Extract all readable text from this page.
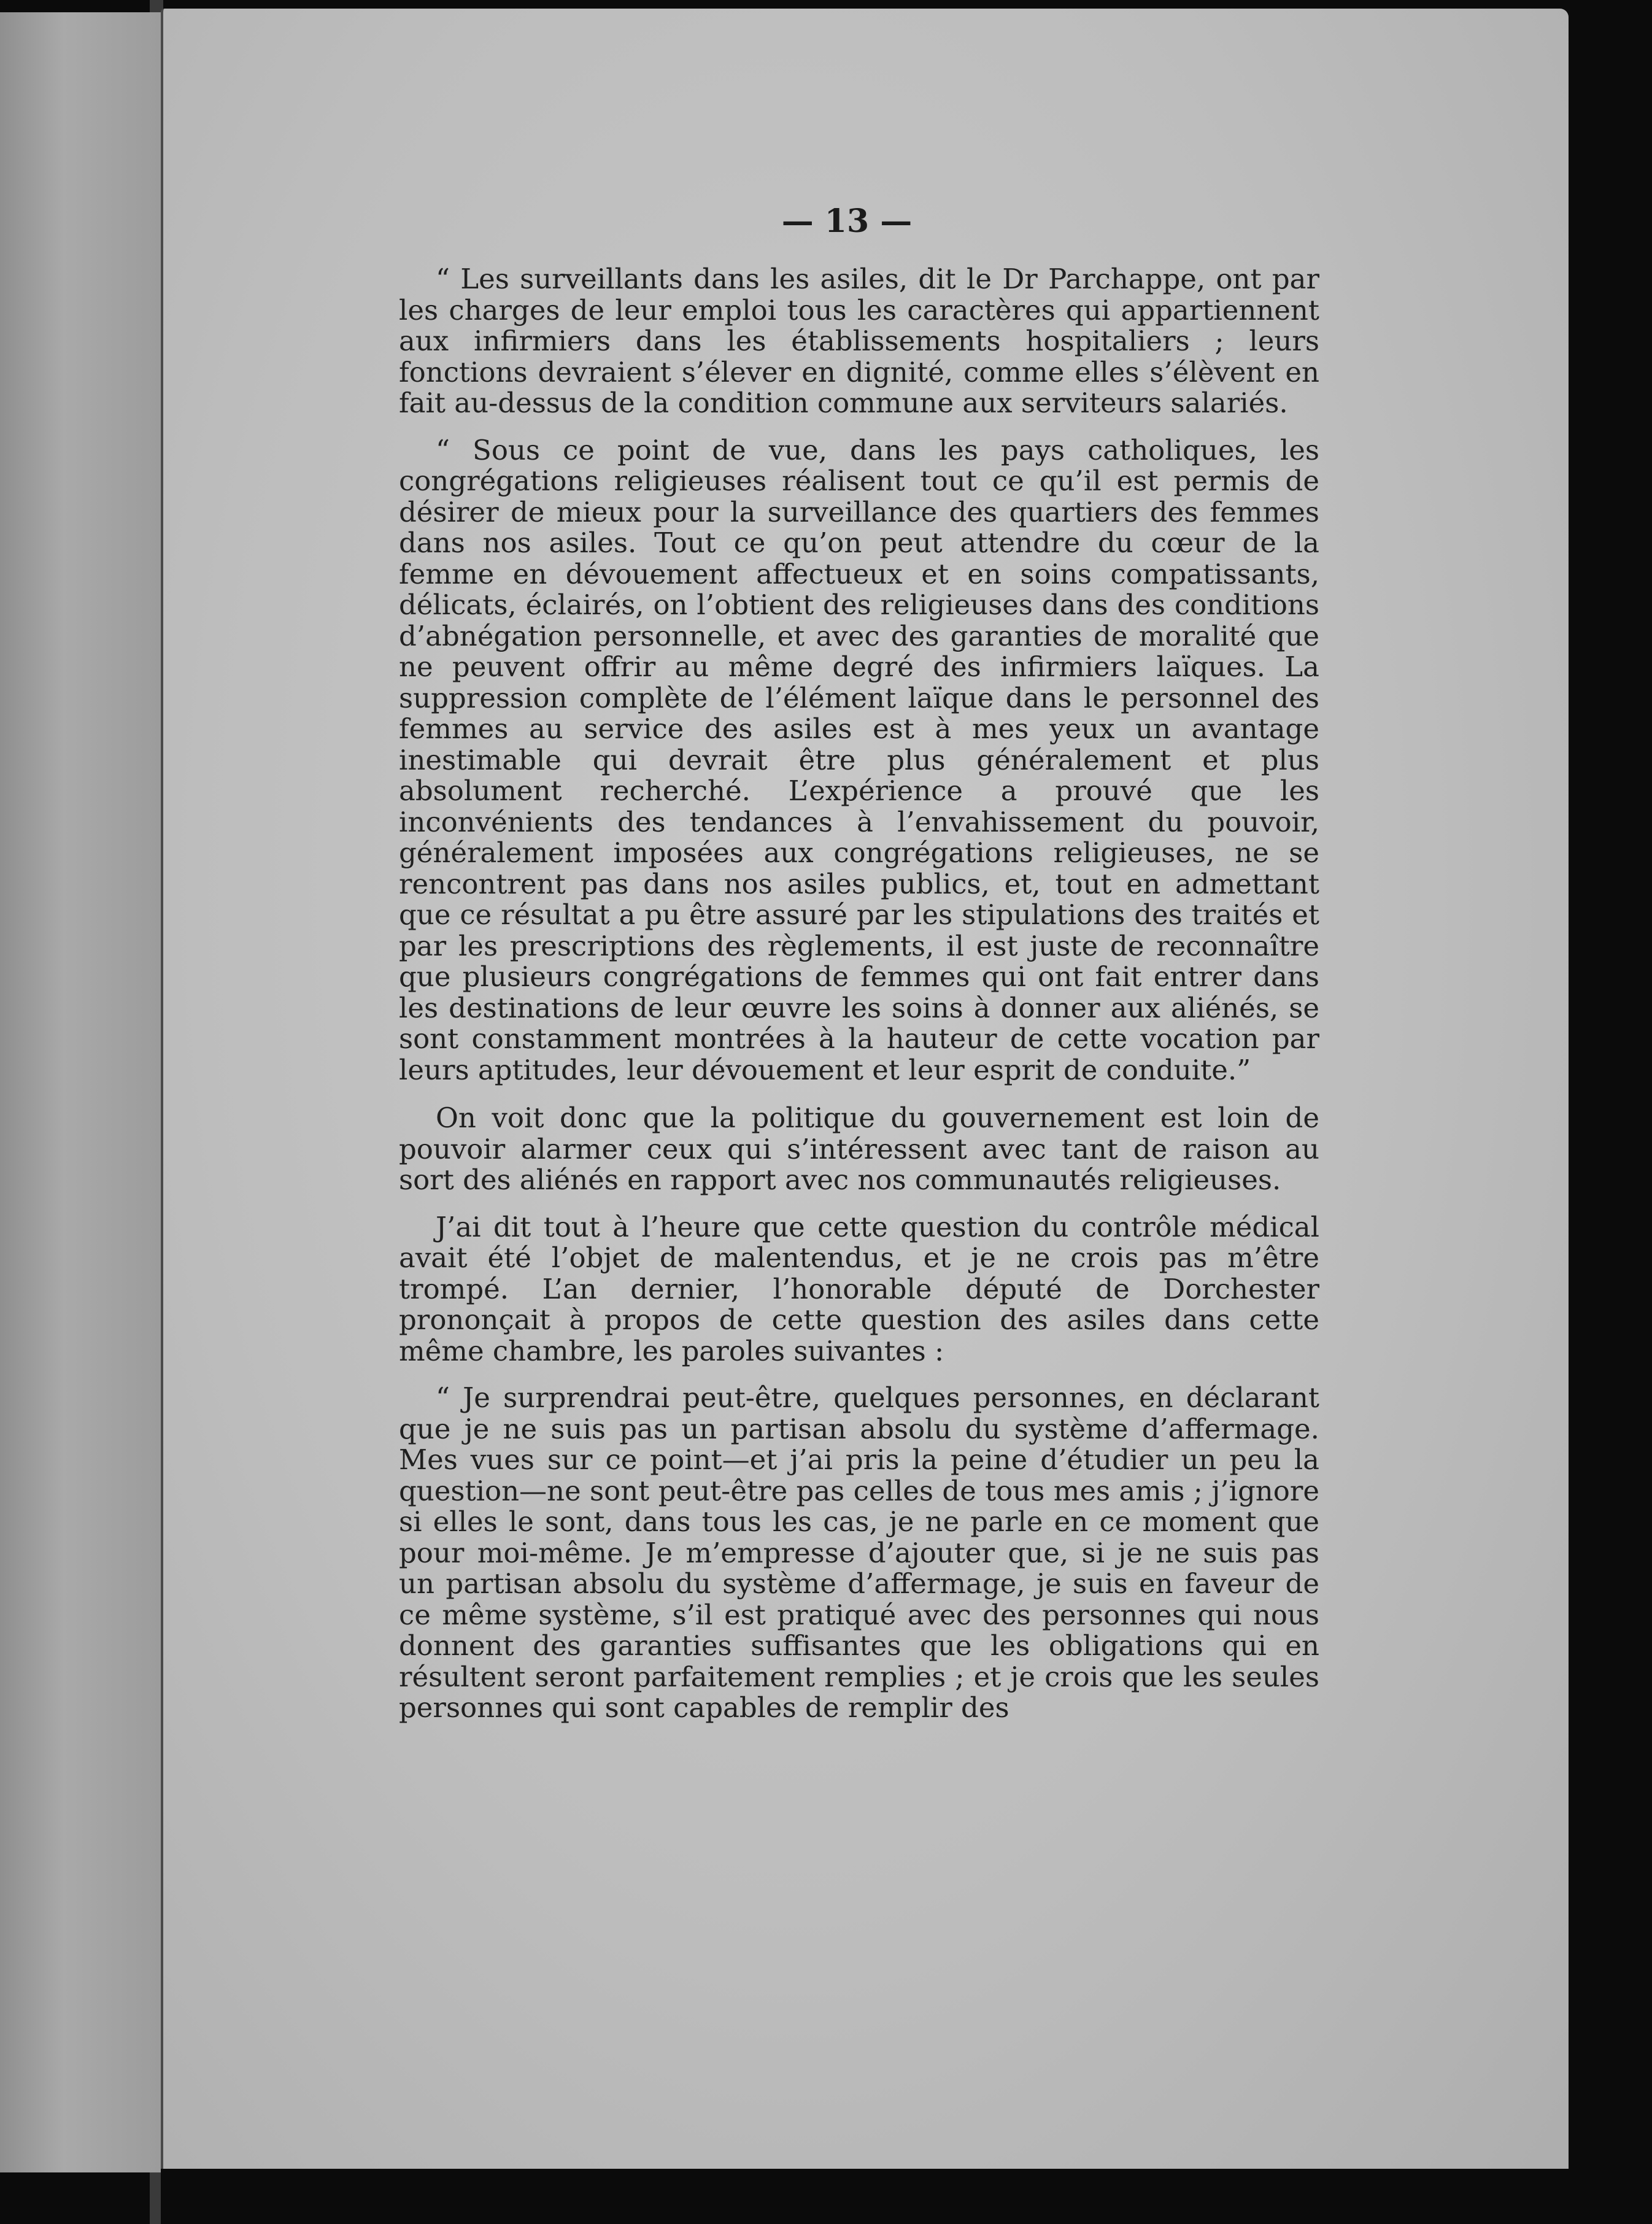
— 13 —

“ Les surveillants dans les asiles, dit le Dr Parchappe, ont par les charges de leur emploi tous les caractères qui appartiennent aux infirmiers dans les établissements hospitaliers ; leurs fonctions devraient s’élever en dignité, comme elles s’élèvent en fait au-dessus de la condition commune aux serviteurs salariés.

“ Sous ce point de vue, dans les pays catholiques, les congrégations religieuses réalisent tout ce qu’il est permis de désirer de mieux pour la surveillance des quartiers des femmes dans nos asiles. Tout ce qu’on peut attendre du cœur de la femme en dévouement affectueux et en soins compatissants, délicats, éclairés, on l’obtient des religieuses dans des conditions d’abnégation personnelle, et avec des garanties de moralité que ne peuvent offrir au même degré des infirmiers laïques. La suppression complète de l’élément laïque dans le personnel des femmes au service des asiles est à mes yeux un avantage inestimable qui devrait être plus généralement et plus absolument recherché. L’expérience a prouvé que les inconvénients des tendances à l’envahissement du pouvoir, généralement imposées aux congrégations religieuses, ne se rencontrent pas dans nos asiles publics, et, tout en admettant que ce résultat a pu être assuré par les stipulations des traités et par les prescriptions des règlements, il est juste de reconnaître que plusieurs congrégations de femmes qui ont fait entrer dans les destinations de leur œuvre les soins à donner aux aliénés, se sont constamment montrées à la hauteur de cette vocation par leurs aptitudes, leur dévouement et leur esprit de conduite.”

On voit donc que la politique du gouvernement est loin de pouvoir alarmer ceux qui s’intéressent avec tant de raison au sort des aliénés en rapport avec nos communautés religieuses.

J’ai dit tout à l’heure que cette question du contrôle médical avait été l’objet de malentendus, et je ne crois pas m’être trompé. L’an dernier, l’honorable député de Dorchester prononçait à propos de cette question des asiles dans cette même chambre, les paroles suivantes :

“ Je surprendrai peut-être, quelques personnes, en déclarant que je ne suis pas un partisan absolu du système d’affermage. Mes vues sur ce point—et j’ai pris la peine d’étudier un peu la question—ne sont peut-être pas celles de tous mes amis ; j’ignore si elles le sont, dans tous les cas, je ne parle en ce moment que pour moi-même. Je m’empresse d’ajouter que, si je ne suis pas un partisan absolu du système d’affermage, je suis en faveur de ce même système, s’il est pratiqué avec des personnes qui nous donnent des garanties suffisantes que les obligations qui en résultent seront parfaitement remplies ; et je crois que les seules personnes qui sont capables de remplir des
